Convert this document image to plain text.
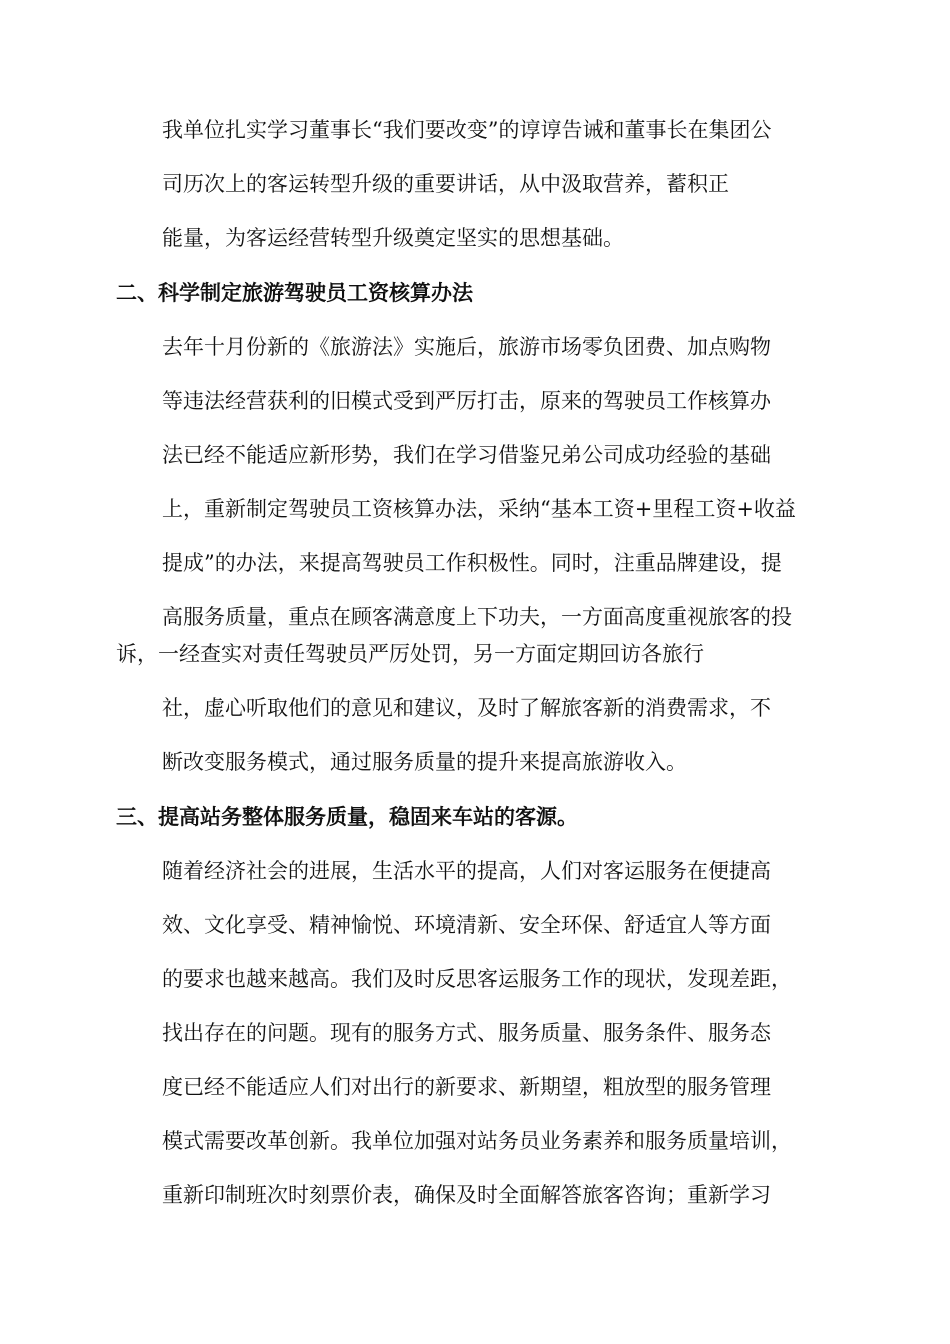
我单位扎实学习董事长“我们要改变”的谆谆告诫和董事长在集团公
司历次上的客运转型升级的重要讲话，从中汲取营养，蓄积正
能量，为客运经营转型升级奠定坚实的思想基础。
二、科学制定旅游驾驶员工资核算办法
去年十月份新的《旅游法》实施后，旅游市场零负团费、加点购物
等违法经营获利的旧模式受到严厉打击，原来的驾驶员工作核算办
法已经不能适应新形势，我们在学习借鉴兄弟公司成功经验的基础
上，重新制定驾驶员工资核算办法，采纳“基本工资+里程工资+收益
提成”的办法，来提高驾驶员工作积极性。同时，注重品牌建设，提
高服务质量，重点在顾客满意度上下功夫，一方面高度重视旅客的投
诉，一经查实对责任驾驶员严厉处罚，另一方面定期回访各旅行
社，虚心听取他们的意见和建议，及时了解旅客新的消费需求，不
断改变服务模式，通过服务质量的提升来提高旅游收入。
三、提高站务整体服务质量，稳固来车站的客源。
随着经济社会的进展，生活水平的提高，人们对客运服务在便捷高
效、文化享受、精神愉悦、环境清新、安全环保、舒适宜人等方面
的要求也越来越高。我们及时反思客运服务工作的现状，发现差距，
找出存在的问题。现有的服务方式、服务质量、服务条件、服务态
度已经不能适应人们对出行的新要求、新期望，粗放型的服务管理
模式需要改革创新。我单位加强对站务员业务素养和服务质量培训，
重新印制班次时刻票价表，确保及时全面解答旅客咨询；重新学习
